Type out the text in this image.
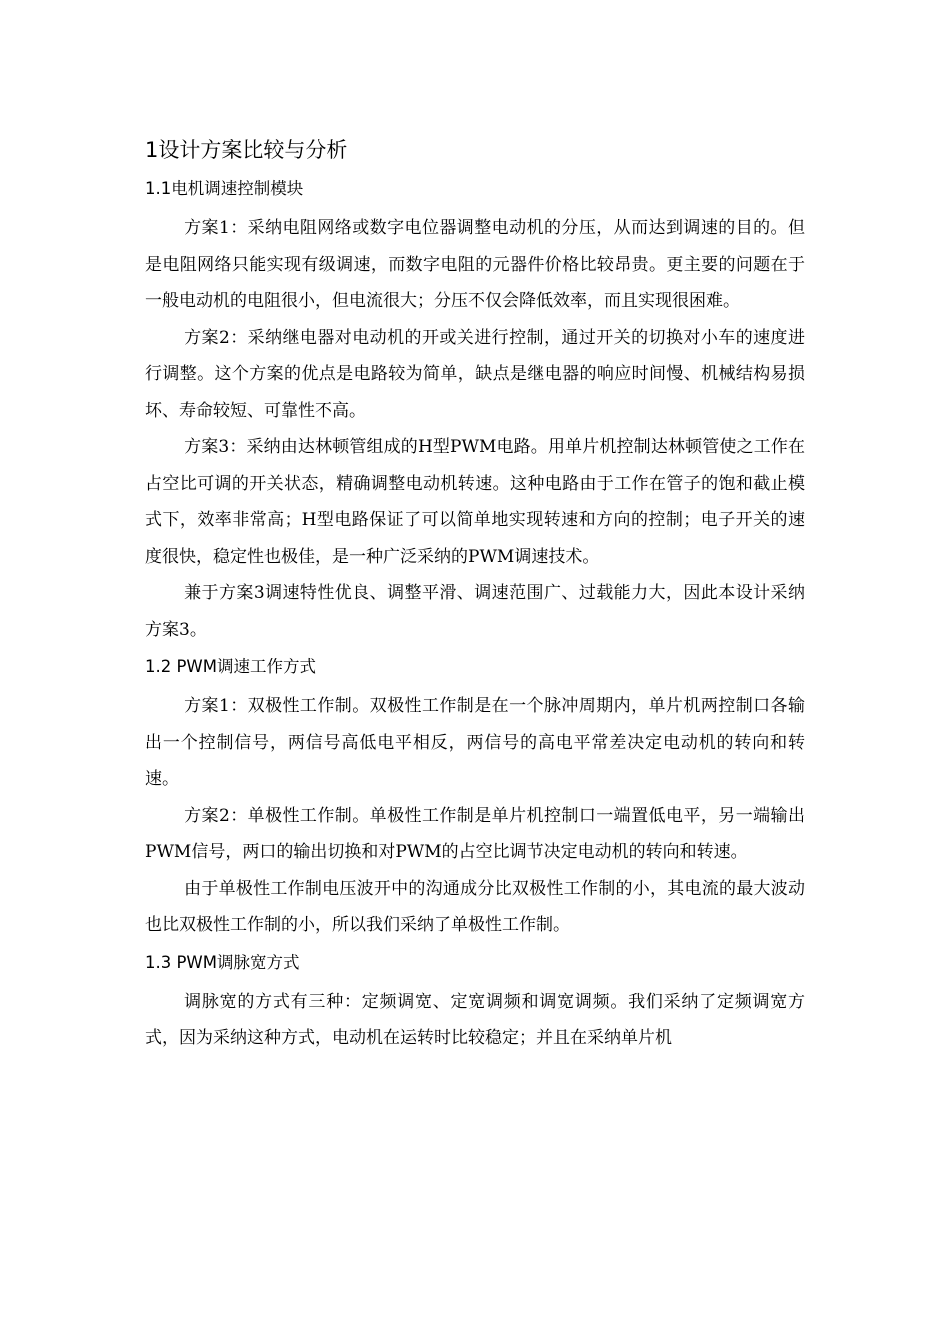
1设计方案比较与分析
1.1电机调速控制模块

方案1：采纳电阻网络或数字电位器调整电动机的分压，从而达到调速的目的。但是电阻网络只能实现有级调速，而数字电阻的元器件价格比较昂贵。更主要的问题在于一般电动机的电阻很小，但电流很大；分压不仅会降低效率，而且实现很困难。

方案2：采纳继电器对电动机的开或关进行控制，通过开关的切换对小车的速度进行调整。这个方案的优点是电路较为简单，缺点是继电器的响应时间慢、机械结构易损坏、寿命较短、可靠性不高。

方案3：采纳由达林顿管组成的H型PWM电路。用单片机控制达林顿管使之工作在占空比可调的开关状态，精确调整电动机转速。这种电路由于工作在管子的饱和截止模式下，效率非常高；H型电路保证了可以简单地实现转速和方向的控制；电子开关的速度很快，稳定性也极佳，是一种广泛采纳的PWM调速技术。

兼于方案3调速特性优良、调整平滑、调速范围广、过载能力大，因此本设计采纳方案3。

1.2 PWM调速工作方式

方案1：双极性工作制。双极性工作制是在一个脉冲周期内，单片机两控制口各输出一个控制信号，两信号高低电平相反，两信号的高电平常差决定电动机的转向和转速。

方案2：单极性工作制。单极性工作制是单片机控制口一端置低电平，另一端输出PWM信号，两口的输出切换和对PWM的占空比调节决定电动机的转向和转速。

由于单极性工作制电压波开中的沟通成分比双极性工作制的小，其电流的最大波动也比双极性工作制的小，所以我们采纳了单极性工作制。

1.3 PWM调脉宽方式

调脉宽的方式有三种：定频调宽、定宽调频和调宽调频。我们采纳了定频调宽方式，因为采纳这种方式，电动机在运转时比较稳定；并且在采纳单片机
